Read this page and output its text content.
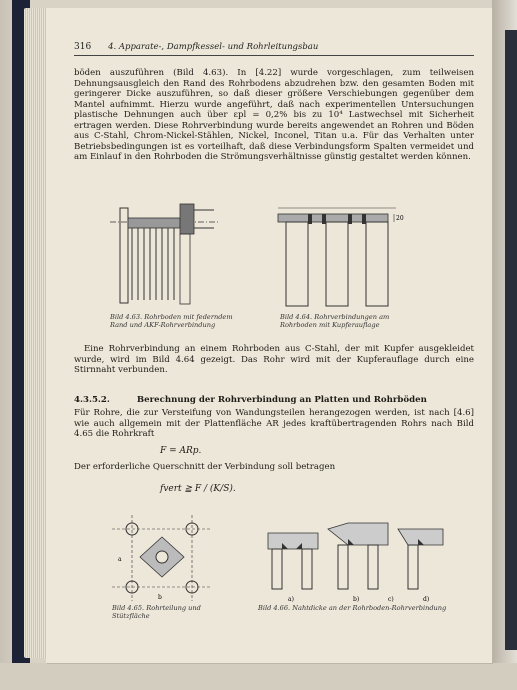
316 4. Apparate-, Dampfkessel- und Rohrleitungsbau

böden auszuführen (Bild 4.63). In [4.22] wurde vorgeschlagen, zum teilweisen Dehnungsausgleich den Rand des Rohrbodens abzudrehen bzw. den gesamten Boden mit geringerer Dicke auszuführen, so daß dieser größere Verschiebungen gegenüber dem Mantel aufnimmt. Hierzu wurde angeführt, daß nach experimentellen Untersuchungen plastische Dehnungen auch über εpl = 0,2% bis zu 10⁴ Lastwechsel mit Sicherheit ertragen werden. Diese Rohrverbindung wurde bereits angewendet an Rohren und Böden aus C-Stahl, Chrom-Nickel-Stählen, Nickel, Inconel, Titan u.a. Für das Verhalten unter Betriebsbedingungen ist es vorteilhaft, daß diese Verbindungsform Spalten vermeidet und am Einlauf in den Rohrboden die Strömungsverhältnisse günstig gestaltet werden können.

Bild 4.63. Rohrboden mit federndem Rand und AKF-Rohrverbindung
20
Bild 4.64. Rohrverbindungen am Rohrboden mit Kupferauflage

Eine Rohrverbindung an einem Rohrboden aus C-Stahl, der mit Kupfer ausgekleidet wurde, wird im Bild 4.64 gezeigt. Das Rohr wird mit der Kupferauflage durch eine Stirnnaht verbunden.

4.3.5.2.	Berechnung der Rohrverbindung an Platten und Rohrböden

Für Rohre, die zur Versteifung von Wandungsteilen herangezogen werden, ist nach [4.6] wie auch allgemein mit der Plattenfläche AR jedes kraftübertragenden Rohrs nach Bild 4.65 die Rohrkraft

F = ARp.

Der erforderliche Querschnitt der Verbindung soll betragen

fvert ≧ F / (K/S).
a
b
Bild 4.65. Rohrteilung und Stützfläche
a)	b)	c)	d)
Bild 4.66. Nahtdicke an der Rohrboden-Rohrverbindung
